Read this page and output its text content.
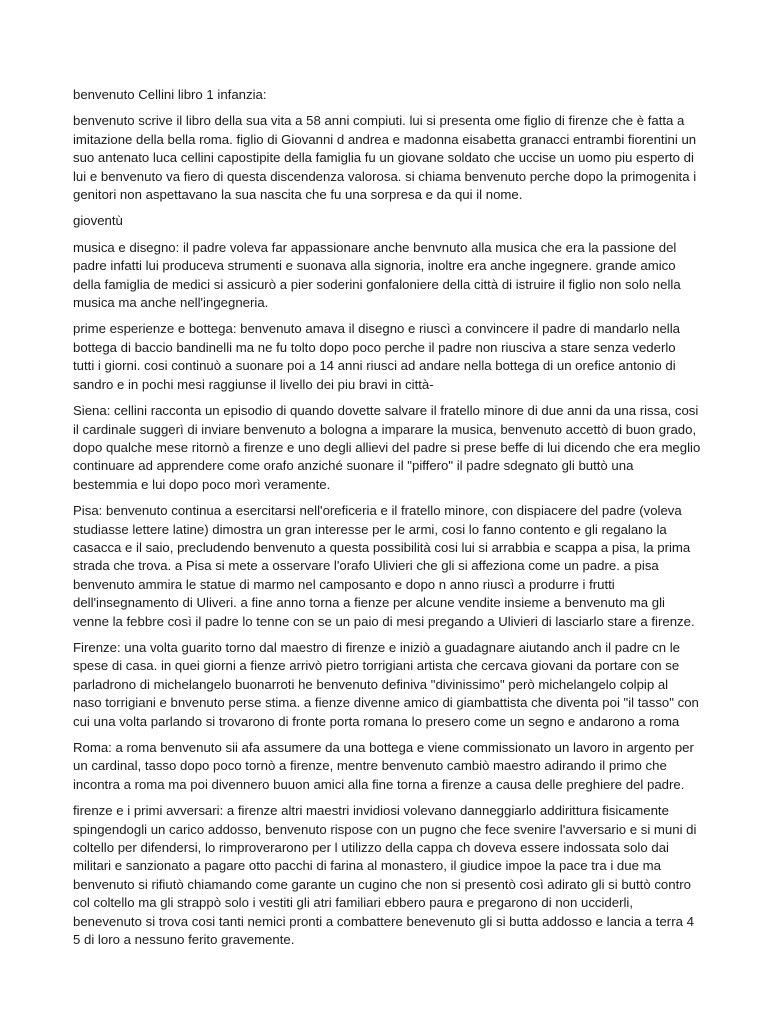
benvenuto Cellini libro 1 infanzia:

benvenuto scrive il libro della sua vita a 58 anni compiuti. lui si presenta ome figlio di firenze che è fatta a
imitazione della bella roma. figlio di Giovanni d andrea e madonna eisabetta granacci entrambi fiorentini un
suo antenato luca cellini capostipite della famiglia fu un giovane soldato che uccise un uomo piu esperto di
lui e benvenuto va fiero di questa discendenza valorosa. si chiama benvenuto perche dopo la primogenita i
genitori non aspettavano la sua nascita che fu una sorpresa e da qui il nome.

gioventù

musica e disegno: il padre voleva far appassionare anche benvnuto alla musica che era la passione del
padre infatti lui produceva strumenti e suonava alla signoria, inoltre era anche ingegnere. grande amico
della famiglia de medici si assicurò a pier soderini gonfaloniere della città di istruire il figlio non solo nella
musica ma anche nell'ingegneria.

prime esperienze e bottega: benvenuto amava il disegno e riuscì a convincere il padre di mandarlo nella
bottega di baccio bandinelli ma ne fu tolto dopo poco perche il padre non riusciva a stare senza vederlo
tutti i giorni. cosi continuò a suonare poi a 14 anni riusci ad andare nella bottega di un orefice antonio di
sandro e in pochi mesi raggiunse il livello dei piu bravi in città-

Siena: cellini racconta un episodio di quando dovette salvare il fratello minore di due anni da una rissa, cosi
il cardinale suggerì di inviare benvenuto a bologna a imparare la musica, benvenuto accettò di buon grado,
dopo qualche mese ritornò a firenze e uno degli allievi del padre si prese beffe di lui dicendo che era meglio
continuare ad apprendere come orafo anziché suonare il "piffero" il padre sdegnato gli buttò una
bestemmia e lui dopo poco morì veramente.

Pisa: benvenuto continua a esercitarsi nell'oreficeria e il fratello minore, con dispiacere del padre (voleva
studiasse lettere latine) dimostra un gran interesse per le armi, cosi lo fanno contento e gli regalano la
casacca e il saio, precludendo benvenuto a questa possibilità cosi lui si arrabbia e scappa a pisa, la prima
strada che trova. a Pisa si mete a osservare l'orafo Ulivieri che gli si affeziona come un padre. a pisa
benvenuto ammira le statue di marmo nel camposanto e dopo n anno riuscì a produrre i frutti
dell'insegnamento di Uliveri. a fine anno torna a fienze per alcune vendite insieme a benvenuto ma gli
venne la febbre così il padre lo tenne con se un paio di mesi pregando a Ulivieri di lasciarlo stare a firenze.

Firenze: una volta guarito torno dal maestro di firenze e iniziò a guadagnare aiutando anch il padre cn le
spese di casa. in quei giorni a fienze arrivò pietro torrigiani artista che cercava giovani da portare con se
parladrono di michelangelo buonarroti he benvenuto definiva "divinissimo" però michelangelo colpip al
naso torrigiani e bnvenuto perse stima. a fienze divenne amico di giambattista che diventa poi "il tasso" con
cui una volta parlando si trovarono di fronte porta romana lo presero come un segno e andarono a roma

Roma: a roma benvenuto sii afa assumere da una bottega e viene commissionato un lavoro in argento per
un cardinal, tasso dopo poco tornò a firenze, mentre benvenuto cambiò maestro adirando il primo che
incontra a roma ma poi divennero buuon amici alla fine torna a firenze a causa delle preghiere del padre.

firenze e i primi avversari: a firenze altri maestri invidiosi volevano danneggiarlo addirittura fisicamente
spingendogli un carico addosso, benvenuto rispose con un pugno che fece svenire l'avversario e si muni di
coltello per difendersi, lo rimproverarono per l utilizzo della cappa ch doveva essere indossata solo dai
militari e sanzionato a pagare otto pacchi di farina al monastero, il giudice impoe la pace tra i due ma
benvenuto si rifiutò chiamando come garante un cugino che non si presentò così adirato gli si buttò contro
col coltello ma gli strappò solo i vestiti gli atri familiari ebbero paura e pregarono di non ucciderli,
benevenuto si trova cosi tanti nemici pronti a combattere benevenuto gli si butta addosso e lancia a terra 4
5 di loro a nessuno ferito gravemente.
